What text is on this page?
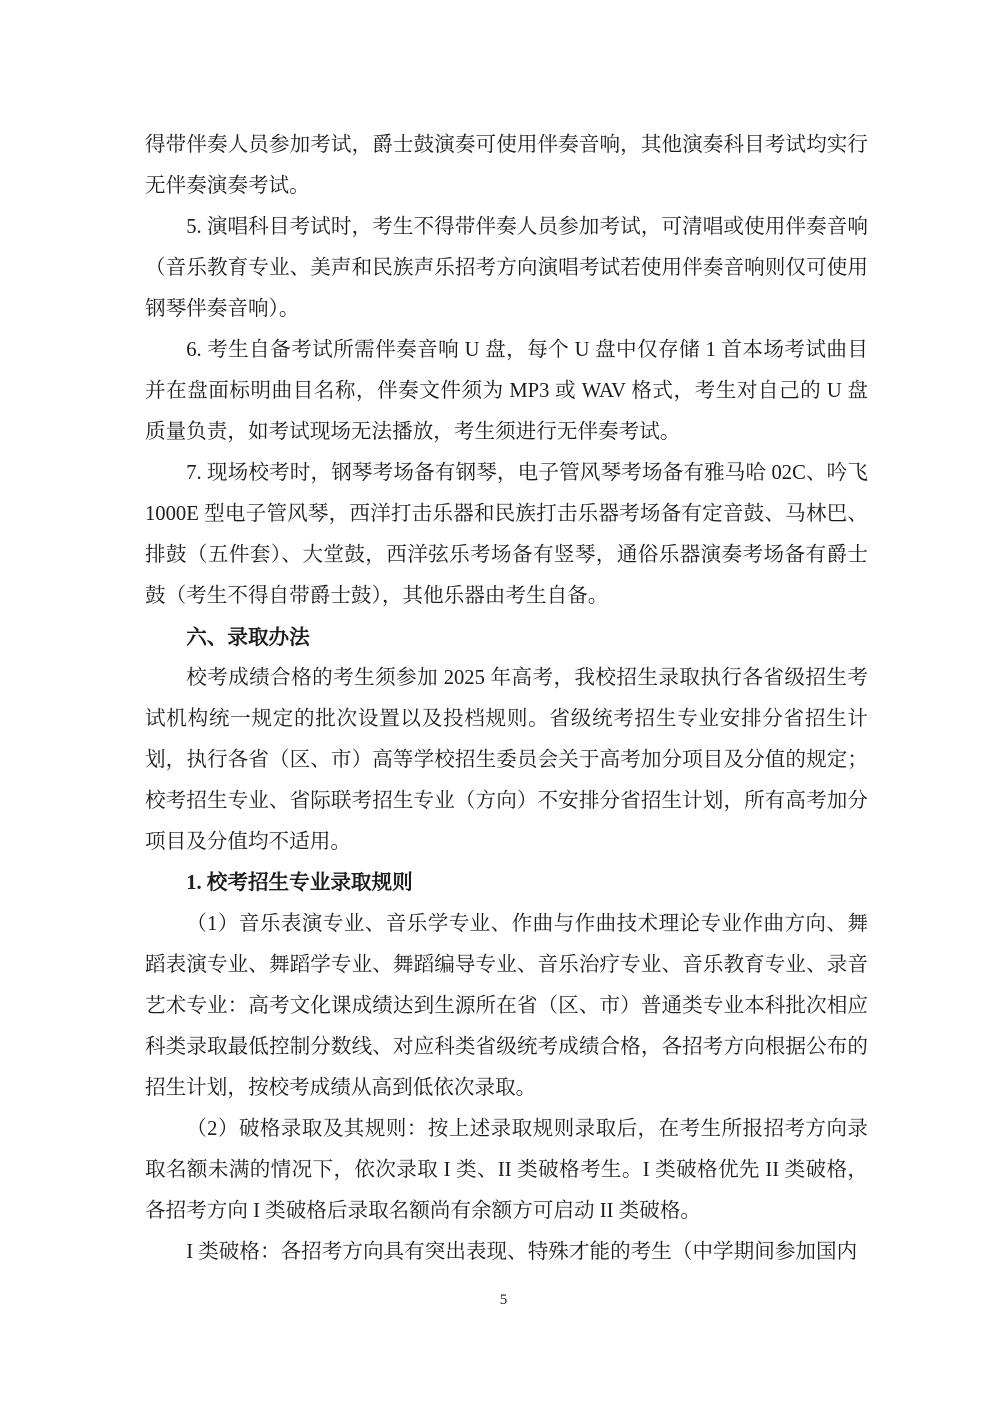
得带伴奏人员参加考试，爵士鼓演奏可使用伴奏音响，其他演奏科目考试均实行无伴奏演奏考试。

5. 演唱科目考试时，考生不得带伴奏人员参加考试，可清唱或使用伴奏音响（音乐教育专业、美声和民族声乐招考方向演唱考试若使用伴奏音响则仅可使用钢琴伴奏音响）。

6. 考生自备考试所需伴奏音响 U 盘，每个 U 盘中仅存储 1 首本场考试曲目并在盘面标明曲目名称，伴奏文件须为 MP3 或 WAV 格式，考生对自己的 U 盘质量负责，如考试现场无法播放，考生须进行无伴奏考试。

7. 现场校考时，钢琴考场备有钢琴，电子管风琴考场备有雅马哈 02C、吟飞 1000E 型电子管风琴，西洋打击乐器和民族打击乐器考场备有定音鼓、马林巴、排鼓（五件套）、大堂鼓，西洋弦乐考场备有竖琴，通俗乐器演奏考场备有爵士鼓（考生不得自带爵士鼓），其他乐器由考生自备。

六、录取办法

校考成绩合格的考生须参加 2025 年高考，我校招生录取执行各省级招生考试机构统一规定的批次设置以及投档规则。省级统考招生专业安排分省招生计划，执行各省（区、市）高等学校招生委员会关于高考加分项目及分值的规定；校考招生专业、省际联考招生专业（方向）不安排分省招生计划，所有高考加分项目及分值均不适用。

1. 校考招生专业录取规则

（1）音乐表演专业、音乐学专业、作曲与作曲技术理论专业作曲方向、舞蹈表演专业、舞蹈学专业、舞蹈编导专业、音乐治疗专业、音乐教育专业、录音艺术专业：高考文化课成绩达到生源所在省（区、市）普通类专业本科批次相应科类录取最低控制分数线、对应科类省级统考成绩合格，各招考方向根据公布的招生计划，按校考成绩从高到低依次录取。

（2）破格录取及其规则：按上述录取规则录取后，在考生所报招考方向录取名额未满的情况下，依次录取 I 类、II 类破格考生。I 类破格优先 II 类破格，各招考方向 I 类破格后录取名额尚有余额方可启动 II 类破格。

I 类破格：各招考方向具有突出表现、特殊才能的考生（中学期间参加国内

5
